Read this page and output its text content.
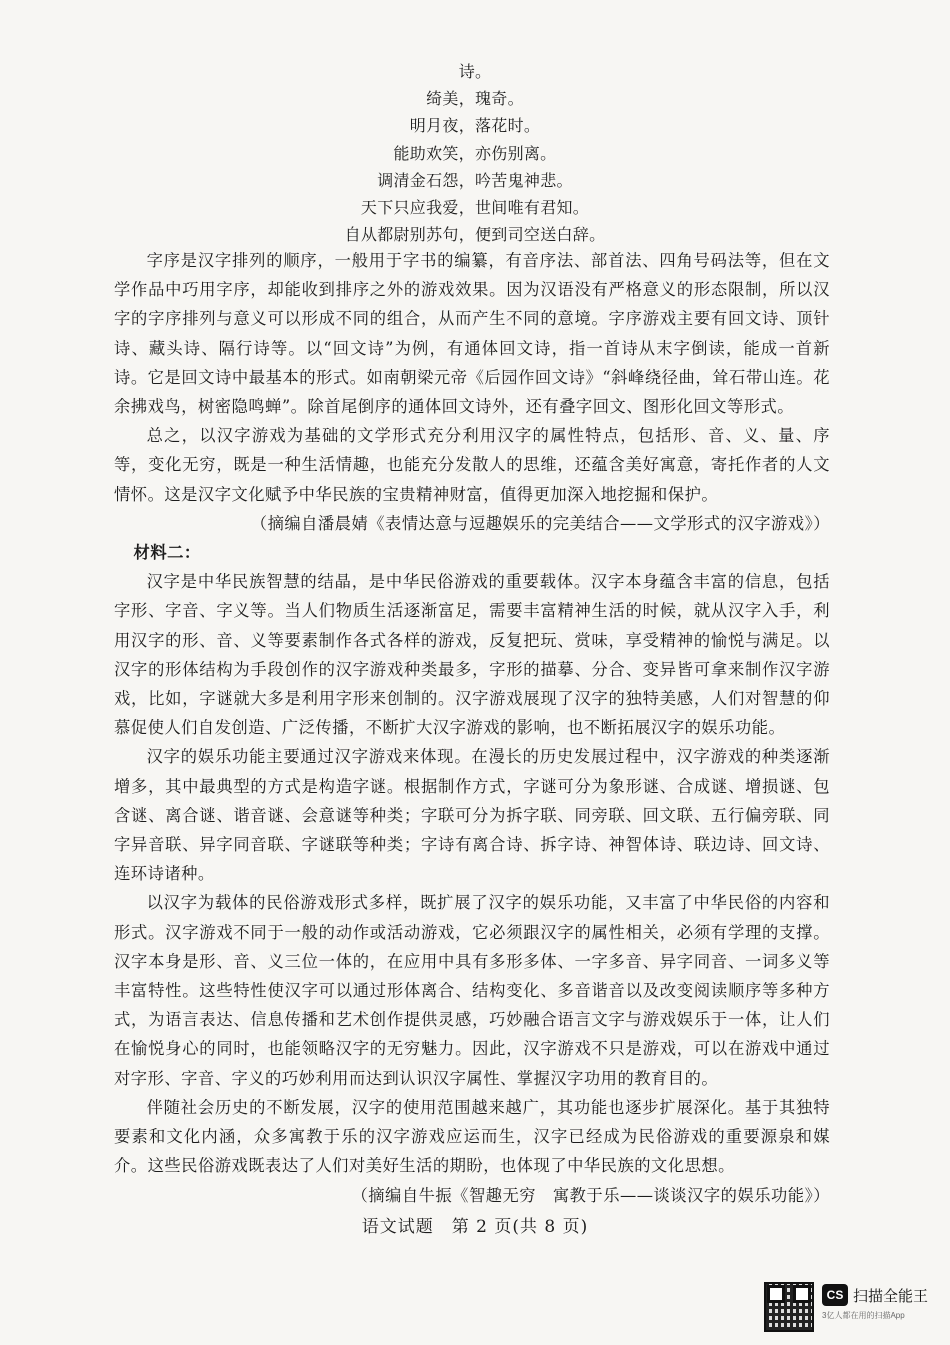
诗。
绮美，瑰奇。
明月夜，落花时。
能助欢笑，亦伤别离。
调清金石怨，吟苦鬼神悲。
天下只应我爱，世间唯有君知。
自从都尉别苏句，便到司空送白辞。

字序是汉字排列的顺序，一般用于字书的编纂，有音序法、部首法、四角号码法等，但在文学作品中巧用字序，却能收到排序之外的游戏效果。因为汉语没有严格意义的形态限制，所以汉字的字序排列与意义可以形成不同的组合，从而产生不同的意境。字序游戏主要有回文诗、顶针诗、藏头诗、隔行诗等。以“回文诗”为例，有通体回文诗，指一首诗从末字倒读，能成一首新诗。它是回文诗中最基本的形式。如南朝梁元帝《后园作回文诗》“斜峰绕径曲，耸石带山连。花余拂戏鸟，树密隐鸣蝉”。除首尾倒序的通体回文诗外，还有叠字回文、图形化回文等形式。

总之，以汉字游戏为基础的文学形式充分利用汉字的属性特点，包括形、音、义、量、序等，变化无穷，既是一种生活情趣，也能充分发散人的思维，还蕴含美好寓意，寄托作者的人文情怀。这是汉字文化赋予中华民族的宝贵精神财富，值得更加深入地挖掘和保护。

（摘编自潘晨婧《表情达意与逗趣娱乐的完美结合——文学形式的汉字游戏》）

材料二：

汉字是中华民族智慧的结晶，是中华民俗游戏的重要载体。汉字本身蕴含丰富的信息，包括字形、字音、字义等。当人们物质生活逐渐富足，需要丰富精神生活的时候，就从汉字入手，利用汉字的形、音、义等要素制作各式各样的游戏，反复把玩、赏味，享受精神的愉悦与满足。以汉字的形体结构为手段创作的汉字游戏种类最多，字形的描摹、分合、变异皆可拿来制作汉字游戏，比如，字谜就大多是利用字形来创制的。汉字游戏展现了汉字的独特美感，人们对智慧的仰慕促使人们自发创造、广泛传播，不断扩大汉字游戏的影响，也不断拓展汉字的娱乐功能。

汉字的娱乐功能主要通过汉字游戏来体现。在漫长的历史发展过程中，汉字游戏的种类逐渐增多，其中最典型的方式是构造字谜。根据制作方式，字谜可分为象形谜、合成谜、增损谜、包含谜、离合谜、谐音谜、会意谜等种类；字联可分为拆字联、同旁联、回文联、五行偏旁联、同字异音联、异字同音联、字谜联等种类；字诗有离合诗、拆字诗、神智体诗、联边诗、回文诗、连环诗诸种。

以汉字为载体的民俗游戏形式多样，既扩展了汉字的娱乐功能，又丰富了中华民俗的内容和形式。汉字游戏不同于一般的动作或活动游戏，它必须跟汉字的属性相关，必须有学理的支撑。汉字本身是形、音、义三位一体的，在应用中具有多形多体、一字多音、异字同音、一词多义等丰富特性。这些特性使汉字可以通过形体离合、结构变化、多音谐音以及改变阅读顺序等多种方式，为语言表达、信息传播和艺术创作提供灵感，巧妙融合语言文字与游戏娱乐于一体，让人们在愉悦身心的同时，也能领略汉字的无穷魅力。因此，汉字游戏不只是游戏，可以在游戏中通过对字形、字音、字义的巧妙利用而达到认识汉字属性、掌握汉字功用的教育目的。

伴随社会历史的不断发展，汉字的使用范围越来越广，其功能也逐步扩展深化。基于其独特要素和文化内涵，众多寓教于乐的汉字游戏应运而生，汉字已经成为民俗游戏的重要源泉和媒介。这些民俗游戏既表达了人们对美好生活的期盼，也体现了中华民族的文化思想。

（摘编自牛振《智趣无穷　寓教于乐——谈谈汉字的娱乐功能》）

语文试题　第 2 页(共 8 页)
CS 扫描全能王
3亿人都在用的扫描App
